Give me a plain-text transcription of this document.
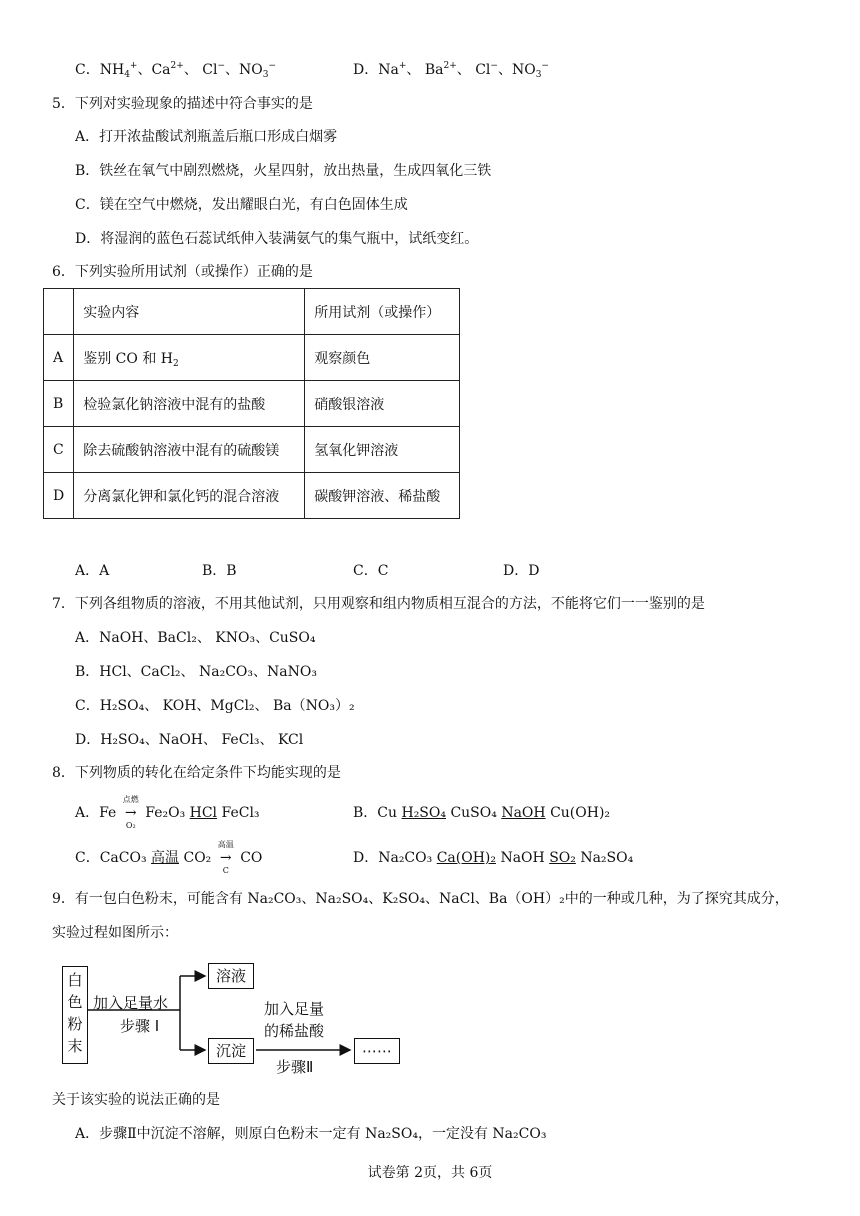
C．$NH_4^+$、$Ca^{2+}$、 Cl−、$NO_3^-$	D．Na+、 $Ba^{2+}$、 Cl−、$NO_3^-$
5．下列对实验现象的描述中符合事实的是
A．打开浓盐酸试剂瓶盖后瓶口形成白烟雾
B．铁丝在氧气中剧烈燃烧，火星四射，放出热量，生成四氧化三铁
C．镁在空气中燃烧，发出耀眼白光，有白色固体生成
D．将湿润的蓝色石蕊试纸伸入装满氨气的集气瓶中，试纸变红。
6．下列实验所用试剂（或操作）正确的是
	实验内容	所用试剂（或操作）
A	鉴别 CO 和 $H_2$	观察颜色
B	检验氯化钠溶液中混有的盐酸	硝酸银溶液
C	除去硫酸钠溶液中混有的硫酸镁	氢氧化钾溶液
D	分离氯化钾和氯化钙的混合溶液	碳酸钾溶液、稀盐酸
A．A	B．B	C．C	D．D
7．下列各组物质的溶液，不用其他试剂，只用观察和组内物质相互混合的方法，不能将它们一一鉴别的是
A．NaOH、BaCl₂、 KNO₃、CuSO₄
B．HCl、CaCl₂、 Na₂CO₃、NaNO₃
C．H₂SO₄、 KOH、MgCl₂、 Ba（NO₃）₂
D．H₂SO₄、NaOH、 FeCl₃、 KCl
8．下列物质的转化在给定条件下均能实现的是
A．Fe →
点燃
O₂
Fe₂O₃ HCl FeCl₃	B．Cu H₂SO₄ CuSO₄ NaOH Cu(OH)₂
C．CaCO₃ 高温 CO₂ →
高温
C
CO	D．Na₂CO₃ Ca(OH)₂ NaOH SO₂ Na₂SO₄
9．有一包白色粉末，可能含有 Na₂CO₃、Na₂SO₄、K₂SO₄、NaCl、Ba（OH）₂中的一种或几种，为了探究其成分，
实验过程如图所示：
白色粉末
加入足量水
步骤 I
溶液
沉淀
加入足量
的稀盐酸
步骤Ⅱ
⋯⋯
关于该实验的说法正确的是
A．步骤Ⅱ中沉淀不溶解，则原白色粉末一定有 Na₂SO₄，一定没有 Na₂CO₃
试卷第 2页，共 6页
